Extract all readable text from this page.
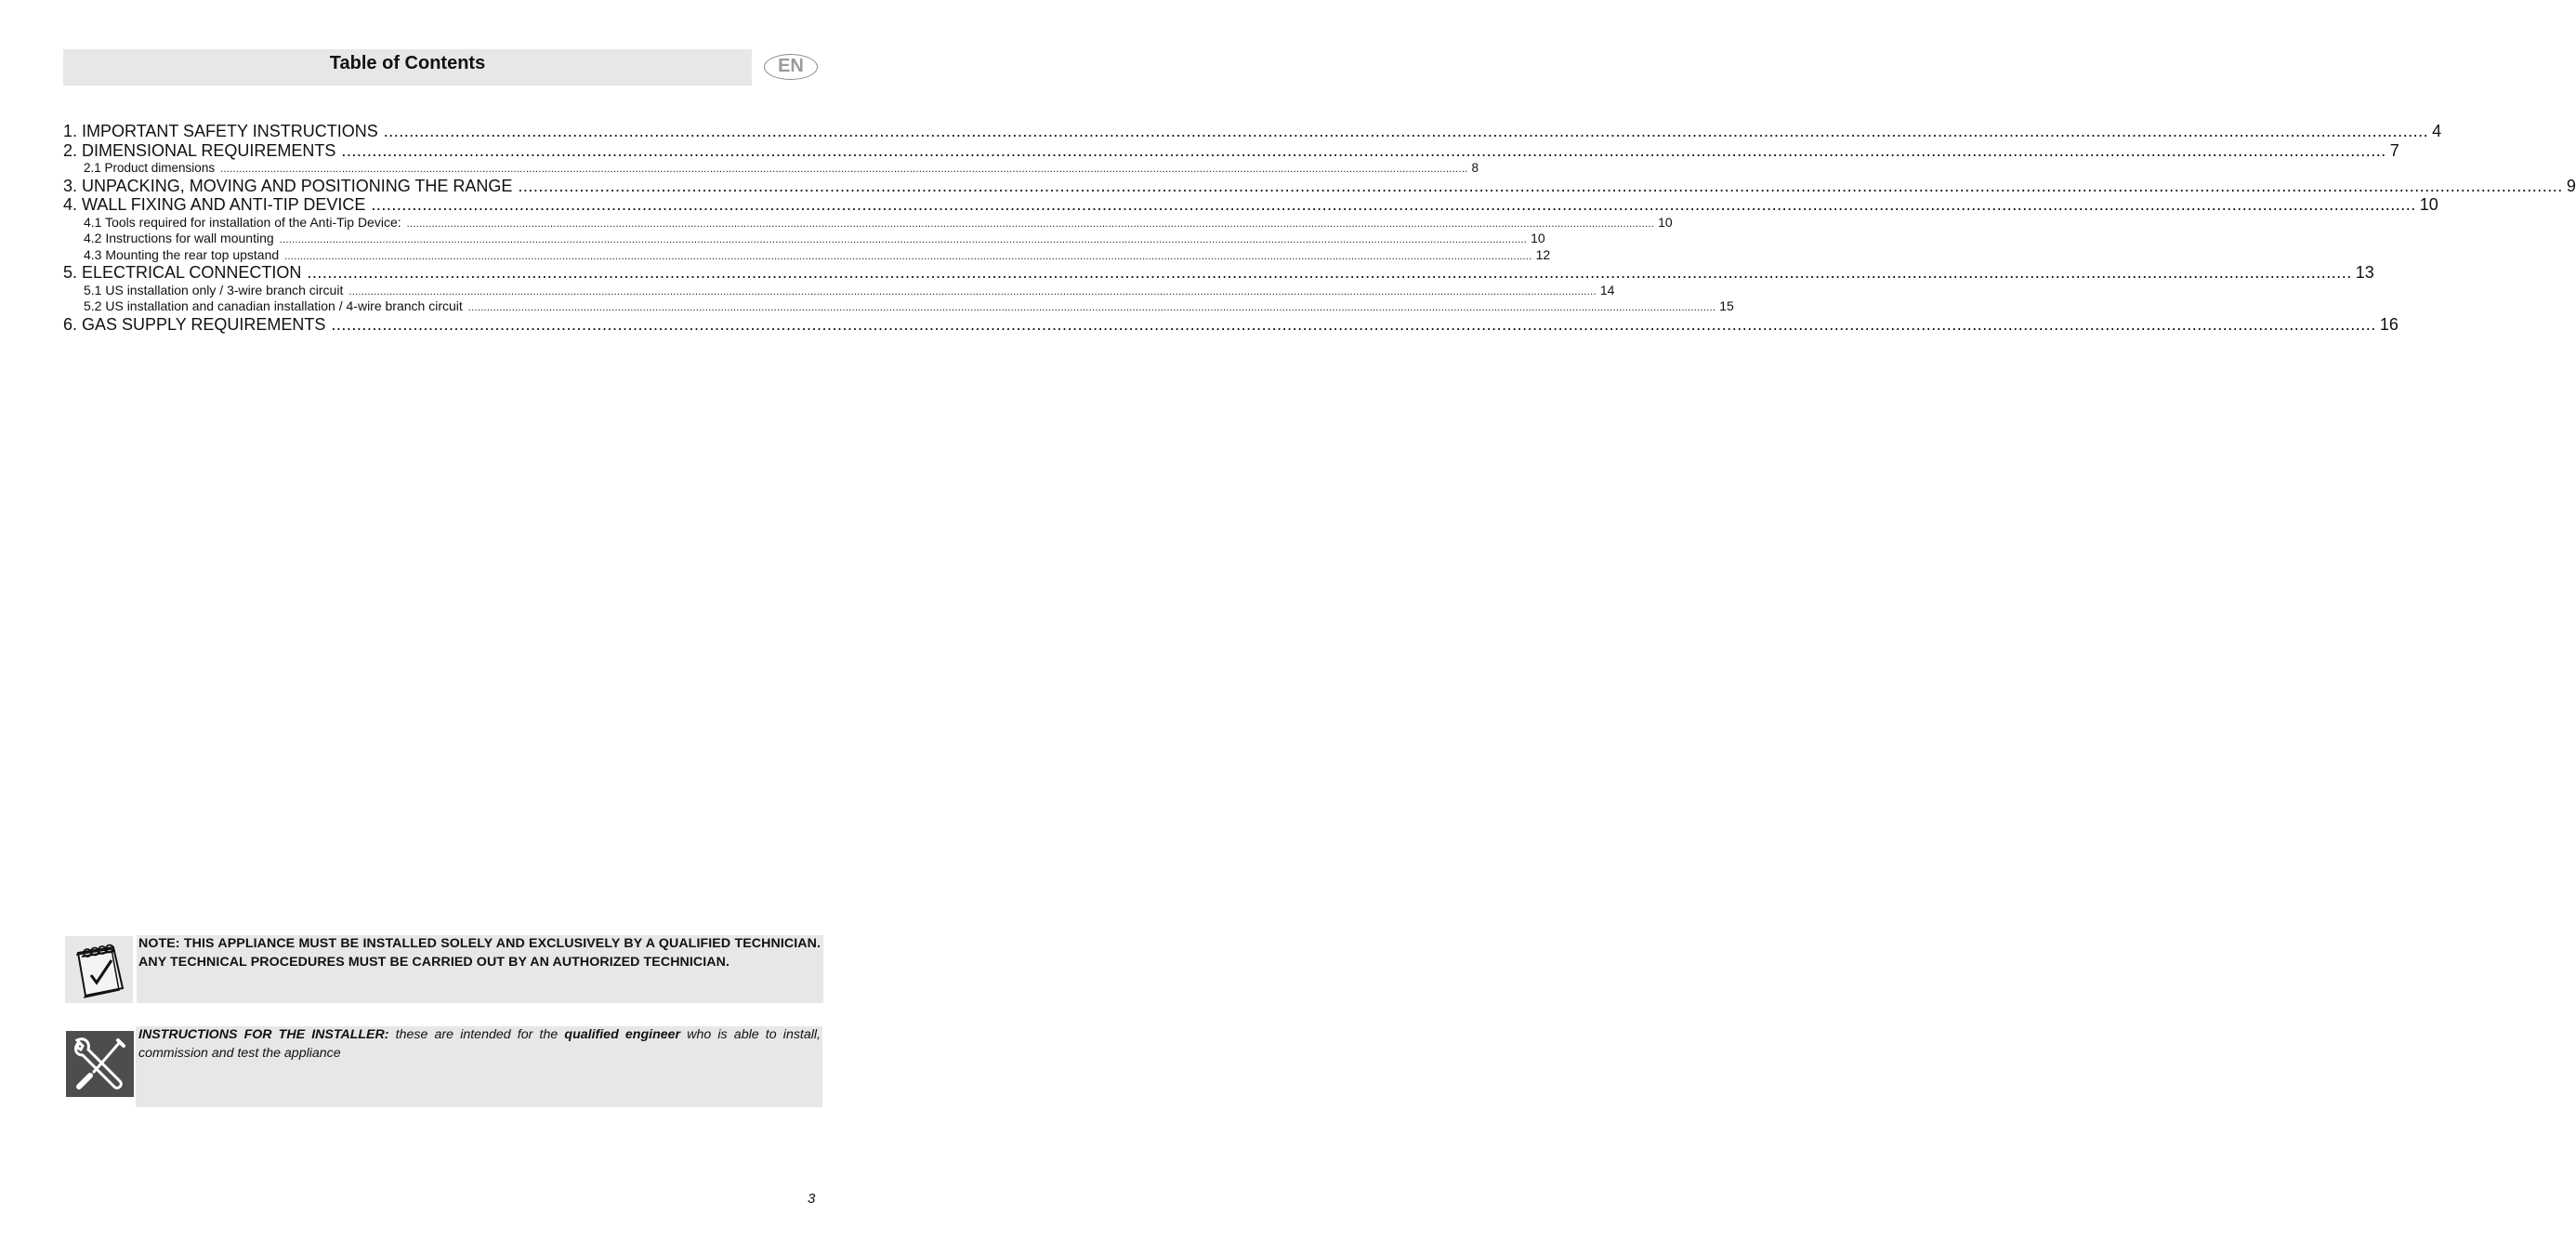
Table of Contents	EN
1. IMPORTANT SAFETY INSTRUCTIONS ................................................................................................................................................................................................................................................................................................................................................................................................................ 4
2. DIMENSIONAL REQUIREMENTS ................................................................................................................................................................................................................................................................................................................................................................................................................ 7
2.1 Product dimensions ................................................................................................................................................................................................................................................................................................................................................................................................................ 8
3. UNPACKING, MOVING AND POSITIONING THE RANGE ................................................................................................................................................................................................................................................................................................................................................................................................................ 9
4. WALL FIXING AND ANTI-TIP DEVICE ................................................................................................................................................................................................................................................................................................................................................................................................................ 10
4.1 Tools required for installation of the Anti-Tip Device: ................................................................................................................................................................................................................................................................................................................................................................................................................ 10
4.2 Instructions for wall mounting ................................................................................................................................................................................................................................................................................................................................................................................................................ 10
4.3 Mounting the rear top upstand ................................................................................................................................................................................................................................................................................................................................................................................................................ 12
5. ELECTRICAL CONNECTION ................................................................................................................................................................................................................................................................................................................................................................................................................ 13
5.1 US installation only / 3-wire branch circuit ................................................................................................................................................................................................................................................................................................................................................................................................................ 14
5.2 US installation and canadian installation / 4-wire branch circuit ................................................................................................................................................................................................................................................................................................................................................................................................................ 15
6. GAS SUPPLY REQUIREMENTS ................................................................................................................................................................................................................................................................................................................................................................................................................ 16
NOTE: THIS APPLIANCE MUST BE INSTALLED SOLELY AND EXCLUSIVELY BY A QUALIFIED TECHNICIAN. ANY TECHNICAL PROCEDURES MUST BE CARRIED OUT BY AN AUTHORIZED TECHNICIAN.
INSTRUCTIONS FOR THE INSTALLER: these are intended for the qualified engineer who is able to install, commission and test the appliance
3
